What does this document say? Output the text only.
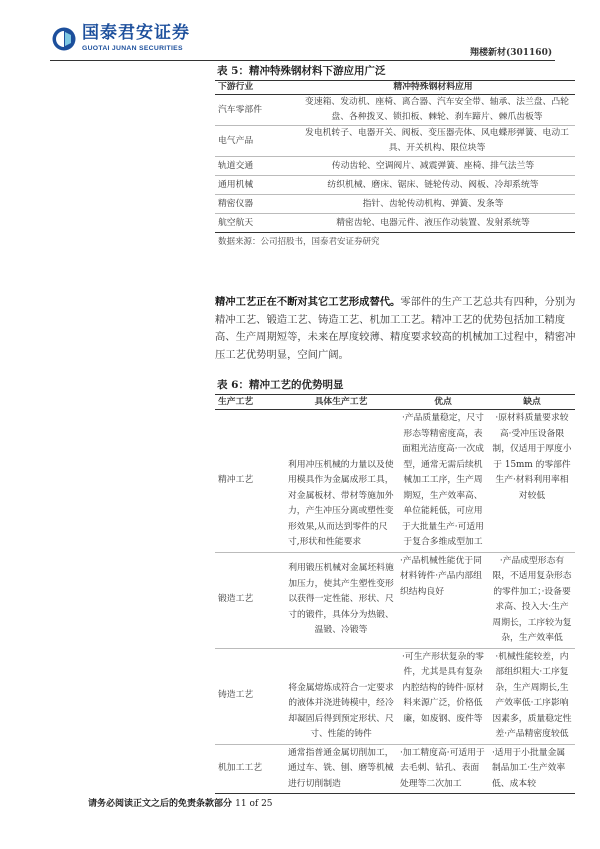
国泰君安证券
GUOTAI JUNAN SECURITIES	翔楼新材(301160)
表 5：精冲特殊钢材料下游应用广泛
下游行业	精冲特殊钢材料应用
汽车零部件	变速箱、发动机、座椅、离合器、汽车安全带、轴承、法兰盘、凸轮盘、各种拨叉、锁扣板、棘轮、刹车蹄片、棘爪齿板等
电气产品	发电机转子、电器开关、阀板、变压器壳体、风电蝶形弹簧、电动工具、开关机构、限位块等
轨道交通	传动齿轮、空调阀片、减震弹簧、座椅、排气法兰等
通用机械	纺织机械、磨床、锯床、链轮传动、阀板、冷却系统等
精密仪器	指针、齿轮传动机构、弹簧、发条等
航空航天	精密齿轮、电器元件、液压作动装置、发射系统等
数据来源：公司招股书，国泰君安证券研究
精冲工艺正在不断对其它工艺形成替代。零部件的生产工艺总共有四种，分别为精冲工艺、锻造工艺、铸造工艺、机加工工艺。精冲工艺的优势包括加工精度高、生产周期短等，未来在厚度较薄、精度要求较高的机械加工过程中，精密冲压工艺优势明显，空间广阔。
表 6：精冲工艺的优势明显
生产工艺	具体生产工艺	优点	缺点
精冲工艺	利用冲压机械的力量以及使用模具作为金属成形工具，对金属板材、带材等施加外力，产生冲压分离或塑性变形效果,从而达到零件的尺寸,形状和性能要求	·产品质量稳定，尺寸形态等精密度高，表面粗光洁度高·一次成型，通常无需后续机械加工工序，生产周期短，生产效率高、单位能耗低，可应用于大批量生产·可适用于复合多维成型加工	·原材料质量要求较高·受冲压设备限制，仅适用于厚度小于 15mm 的零部件生产·材料利用率相对较低
锻造工艺	利用锻压机械对金属坯料施加压力，使其产生塑性变形以获得一定性能、形状、尺寸的锻件，具体分为热锻、温锻、冷锻等	·产品机械性能优于同材料铸件·产品内部组织结构良好	·产品成型形态有限，不适用复杂形态的零件加工；·设备要求高、投入大·生产周期长，工序较为复杂，生产效率低
铸造工艺	将金属熔炼成符合一定要求的液体并浇进铸模中，经冷却凝固后得到预定形状、尺寸、性能的铸件	·可生产形状复杂的零件，尤其是具有复杂内腔结构的铸件·原材料来源广泛，价格低廉，如废钢、废件等	·机械性能较差，内部组织粗大·工序复杂，生产周期长,生产效率低·工序影响因素多，质量稳定性差·产品精密度较低
机加工工艺	通常指普通金属切削加工，通过车、铣、刨、磨等机械进行切削制造	·加工精度高·可适用于去毛刺、钻孔、表面处理等二次加工	·适用于小批量金属制品加工·生产效率低、成本较
请务必阅读正文之后的免责条款部分 11 of 25
